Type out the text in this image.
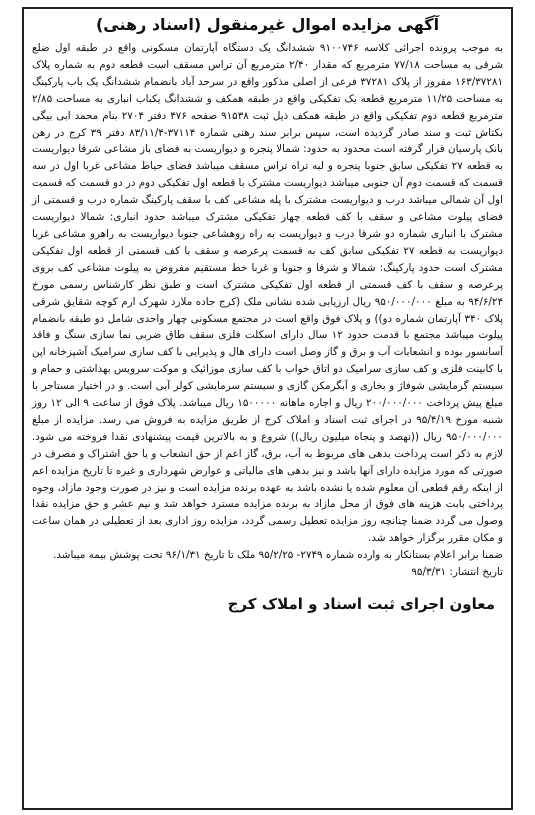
آگهی مزایده اموال غیرمنقول (اسناد رهنی)

به موجب پرونده اجرائی کلاسه ۹۱۰۰۷۴۶ ششدانگ یک دستگاه آپارتمان مسکونی واقع در طبقه اول ضلع شرقی به مساحت ۷۷/۱۸ مترمربع که مقدار ۲/۴۰ مترمربع آن تراس مسقف است قطعه دوم به شماره پلاک ۱۶۳/۳۷۲۸۱ مفروز از پلاک ۳۷۲۸۱ فرعی از اصلی مذکور واقع در سرحد آباد بانضمام ششدانگ یک باب پارکینگ به مساحت ۱۱/۲۵ مترمربع قطعه یک تفکیکی واقع در طبقه همکف و ششدانگ یکباب انباری به مساحت ۲/۸۵ مترمربع قطعه دوم تفکیکی واقع در طبقه همکف ذیل ثبت ۹۱۵۳۸ صفحه ۴۷۶ دفتر ۲۷۰۴ بنام محمد ابی بیگی بکتاش ثبت و سند صادر گردیده است، سپس برابر سند رهنی شماره ۳۷۱۱۴-۸۳/۱۱/۴ دفتر ۳۹ کرج در رهن بانک پارسیان قرار گرفته است محدود به حدود: شمالا پنجره و دیواریست به فضای باز مشاعی شرقا دیواریست به قطعه ۲۷ تفکیکی سابق جنوبا پنجره و لبه تراه تراس مسقف میباشد فضای حیاط مشاعی غربا اول در سه قسمت که قسمت دوم آن جنوبی میباشد دیواریست مشترک با قطعه اول تفکیکی دوم در دو قسمت که قسمت اول آن شمالی میباشد درب و دیواریست مشترک با پله مشاعی کف با سقف پارکینگ شماره درب و قسمتی از فضای پیلوت مشاعی و سقف با کف قطعه چهار تفکیکی مشترک میباشد حدود انباری: شمالا دیواریست مشترک با انباری شماره دو شرقا درب و دیواریست به راه روهشاعی جنوبا دیواریست به راهرو مشاعی غربا دیواریست به قطعه ۲۷ تفکیکی سابق کف به قسمت پرعرصه و سقف با کف قسمتی از قطعه اول تفکیکی مشترک است حدود پارکینگ: شمالا و شرقا و جنوبا و غربا خط مستقیم مفروض به پیلوت مشاعی کف بروی پرعرصه و سقف با کف قسمتی از قطعه اول تفکیکی مشترک است و طبق نظر کارشناس رسمی مورخ ۹۴/۶/۲۴ به مبلغ ۹۵۰/۰۰۰/۰۰۰ ریال ارزیابی شده نشانی ملک (کرج جاده ملارد شهرک ارم کوچه شقایق شرقی پلاک ۳۴۰ آپارتمان شماره دو)) و پلاک فوق واقع است در مجتمع مسکونی چهار واحدی شامل دو طبقه بانضمام پیلوت میباشد مجتمع با قدمت حدود ۱۲ سال دارای اسکلت فلزی سقف طاق ضربی نما سازی سنگ و فاقد آسانسور بوده و انشعابات آب و برق و گاز وصل است دارای هال و پذیرایی با کف سازی سرامیک آشپزخانه اپن با کابینت فلزی و کف سازی سرامیک دو اتاق خواب با کف سازی موزائیک و موکت سرویس بهداشتی و حمام و سیستم گرمایشی شوفاژ و بخاری و آبگرمکن گازی و سیستم سرمایشی کولر آبی است. و در اختیار مستاجر با مبلغ پیش پرداخت ۲۰۰/۰۰۰/۰۰۰ ریال و اجاره ماهانه ۱۵۰۰۰۰۰ ریال میباشد. پلاک فوق از ساعت ۹ الی ۱۲ روز شنبه مورخ ۹۵/۴/۱۹ در اجرای ثبت اسناد و املاک کرج از طریق مزایده به فروش می رسد. مزایده از مبلغ ۹۵۰/۰۰۰/۰۰۰ ریال ((نهصد و پنجاه میلیون ریال)) شروع و به بالاترین قیمت پیشنهادی نقدا فروخته می شود. لازم به ذکر است پرداخت بدهی های مربوط به آب، برق، گاز اعم از حق انشعاب و یا حق اشتراک و مصرف در صورتی که مورد مزایده دارای آنها باشد و نیز بدهی های مالیاتی و عوارض شهرداری و غیره تا تاریخ مزایده اعم از اینکه رقم قطعی آن معلوم شده یا نشده باشد به عهده برنده مزایده است و نیز در صورت وجود مازاد، وجوه پرداختی بابت هزینه های فوق از محل مازاد به برنده مزایده مسترد خواهد شد و نیم عشر و حق مزایده نقدا وصول می گردد ضمنا چنانچه روز مزایده تعطیل رسمی گردد، مزایده روز اداری بعد از تعطیلی در همان ساعت و مکان مقرر برگزار خواهد شد.

ضمنا برابر اعلام بستانکار به وارده شماره ۲۷۴۹- ۹۵/۲/۲۵ ملک تا تاریخ ۹۶/۱/۳۱ تحت پوشش بیمه میباشد.

تاریخ انتشار: ۹۵/۳/۳۱

معاون اجرای ثبت اسناد و املاک کرج
